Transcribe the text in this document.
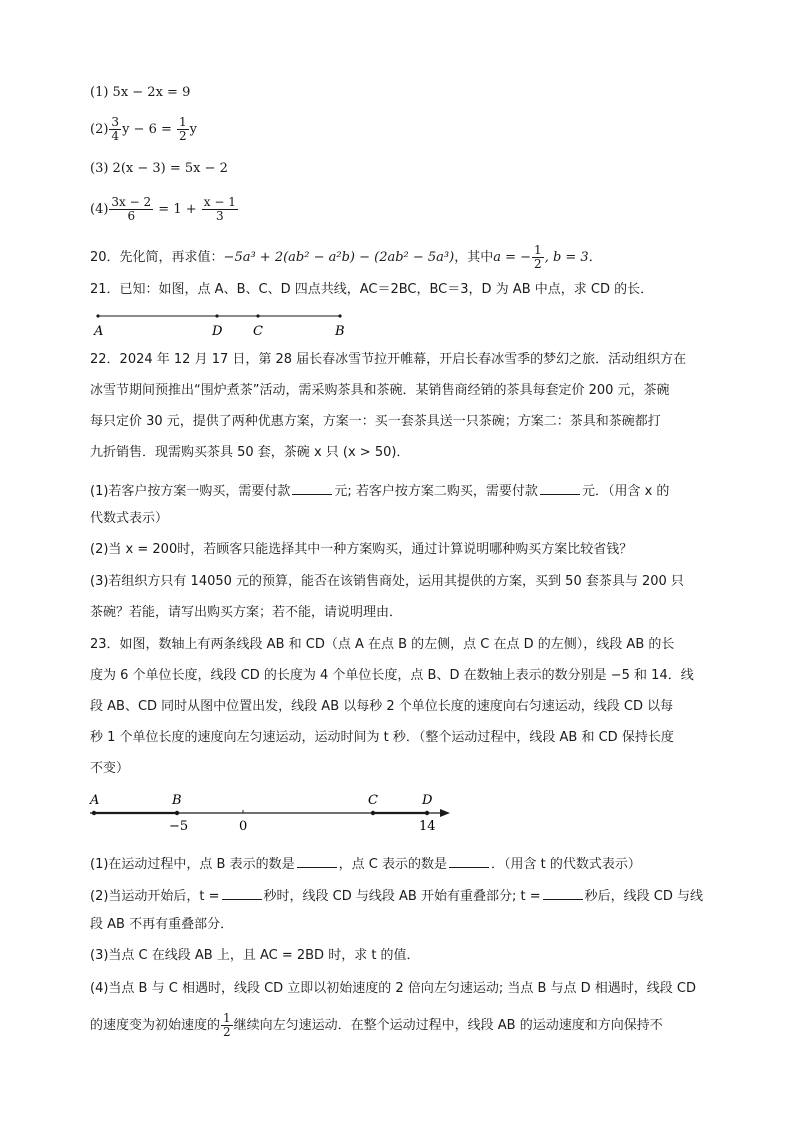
(1) 5x − 2x = 9
$(2) \frac{3}{4}$ $y - 6 = \frac{1}{2}$ y
(3) 2(x − 3) = 5x − 2
$(4) \frac{3x - 2}{6} = 1 + \frac{x - 1}{3}$
20．先化简，再求值：−5a³ + 2(ab² − a²b) − (2ab² − 5a³)，其中a = − $\frac{1}{2}$ , b = 3．
21．已知：如图，点 A、B、C、D 四点共线，AC＝2BC，BC＝3，D 为 AB 中点，求 CD 的长．
A	D C	B
22．2024 年 12 月 17 日，第 28 届长春冰雪节拉开帷幕，开启长春冰雪季的梦幻之旅．活动组织方在
冰雪节期间预推出“围炉煮茶”活动，需采购茶具和茶碗．某销售商经销的茶具每套定价 200 元，茶碗
每只定价 30 元，提供了两种优惠方案，方案一：买一套茶具送一只茶碗；方案二：茶具和茶碗都打
九折销售．现需购买茶具 50 套，茶碗 x 只 (x > 50)．
(1)若客户按方案一购买，需要付款	元; 若客户按方案二购买，需要付款	元．（用含 x 的
代数式表示）
(2)当 x = 200时，若顾客只能选择其中一种方案购买，通过计算说明哪种购买方案比较省钱？
(3)若组织方只有 14050 元的预算，能否在该销售商处，运用其提供的方案，买到 50 套茶具与 200 只
茶碗？若能，请写出购买方案；若不能，请说明理由．
23．如图，数轴上有两条线段 AB 和 CD（点 A 在点 B 的左侧，点 C 在点 D 的左侧），线段 AB 的长
度为 6 个单位长度，线段 CD 的长度为 4 个单位长度，点 B、D 在数轴上表示的数分别是 −5 和 14．线
段 AB、CD 同时从图中位置出发，线段 AB 以每秒 2 个单位长度的速度向右匀速运动，线段 CD 以每
秒 1 个单位长度的速度向左匀速运动，运动时间为 t 秒．（整个运动过程中，线段 AB 和 CD 保持长度
不变）
A	B	C	D
−5	0	14
(1)在运动过程中，点 B 表示的数是	，点 C 表示的数是	．（用含 t 的代数式表示）
(2)当运动开始后，t =	秒时，线段 CD 与线段 AB 开始有重叠部分; t =	秒后，线段 CD 与线
段 AB 不再有重叠部分．
(3)当点 C 在线段 AB 上，且 AC = 2BD 时，求 t 的值．
(4)当点 B 与 C 相遇时，线段 CD 立即以初始速度的 2 倍向左匀速运动; 当点 B 与点 D 相遇时，线段 CD
的速度变为初始速度的 $\frac{1}{2}$ 继续向左匀速运动．在整个运动过程中，线段 AB 的运动速度和方向保持不
